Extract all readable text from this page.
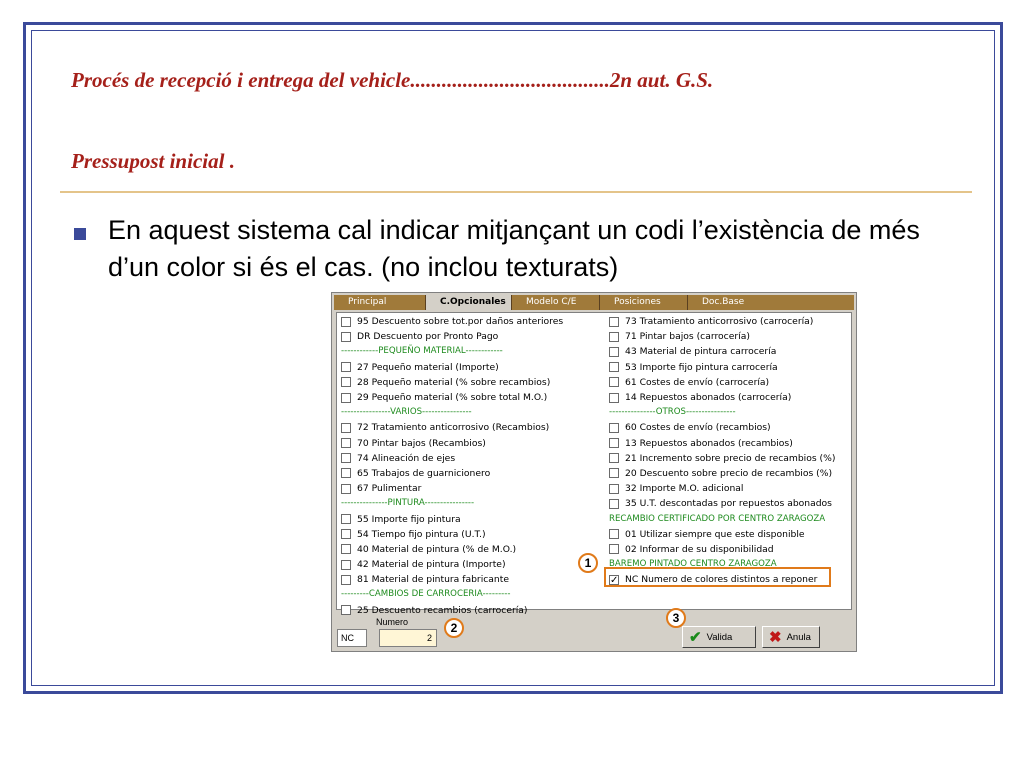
Procés de recepció i entrega del vehicle......................................2n aut. G.S.
Pressupost inicial .
En aquest sistema cal indicar mitjançant un codi l’existència de més d’un color si és el cas. (no inclou texturats)
Principal	C.Opcionales	Modelo C/E	Posiciones	Doc.Base
95 Descuento sobre tot.por daños anteriores
DR Descuento por Pronto Pago
------------PEQUEÑO MATERIAL------------
27 Pequeño material (Importe)
28 Pequeño material (% sobre recambios)
29 Pequeño material (% sobre total M.O.)
----------------VARIOS----------------
72 Tratamiento anticorrosivo (Recambios)
70 Pintar bajos (Recambios)
74 Alineación de ejes
65 Trabajos de guarnicionero
67 Pulimentar
---------------PINTURA----------------
55 Importe fijo pintura
54 Tiempo fijo pintura (U.T.)
40 Material de pintura (% de M.O.)
42 Material de pintura (Importe)
81 Material de pintura fabricante
---------CAMBIOS DE CARROCERIA---------
25 Descuento recambios (carrocería)
73 Tratamiento anticorrosivo (carrocería)
71 Pintar bajos (carrocería)
43 Material de pintura carrocería
53 Importe fijo pintura carrocería
61 Costes de envío (carrocería)
14 Repuestos abonados (carrocería)
---------------OTROS----------------
60 Costes de envío (recambios)
13 Repuestos abonados (recambios)
21 Incremento sobre precio de recambios (%)
20 Descuento sobre precio de recambios (%)
32 Importe M.O. adicional
35 U.T. descontadas por repuestos abonados
RECAMBIO CERTIFICADO POR CENTRO ZARAGOZA
01 Utilizar siempre que este disponible
02 Informar de su disponibilidad
BAREMO PINTADO CENTRO ZARAGOZA
✓
NC Numero de colores distintos a reponer
Numero
NC	2	✔ Valida ✖ Anula
1
2
3
